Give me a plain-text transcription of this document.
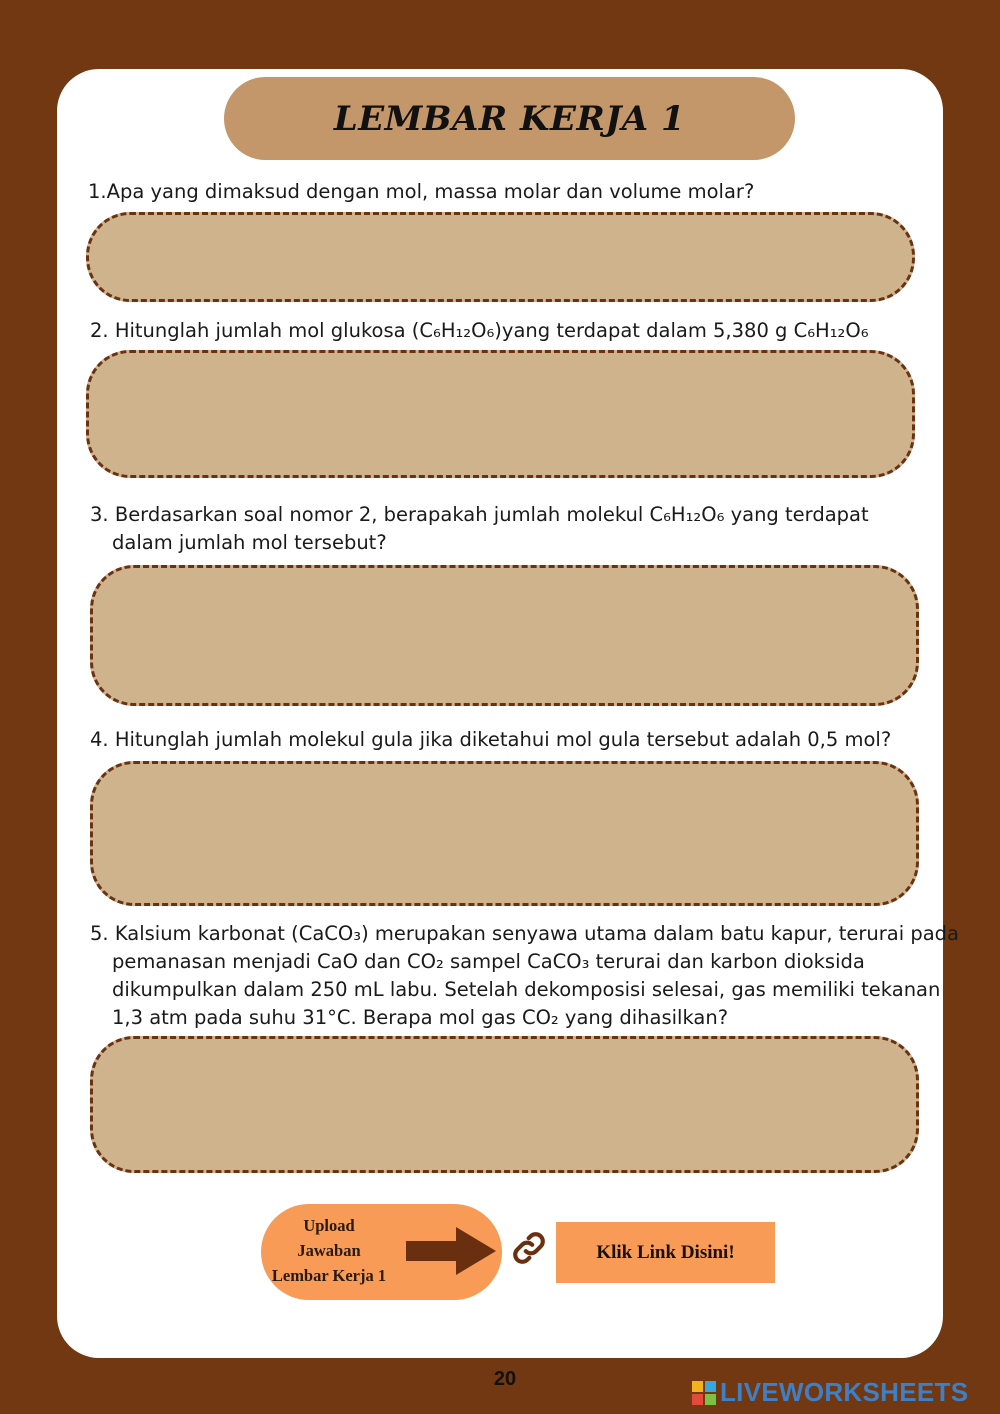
LEMBAR KERJA 1
1.Apa yang dimaksud dengan mol, massa molar dan volume molar?
2. Hitunglah jumlah mol glukosa (C₆H₁₂O₆)yang terdapat dalam 5,380 g C₆H₁₂O₆
3. Berdasarkan soal nomor 2, berapakah jumlah molekul C₆H₁₂O₆ yang terdapat
dalam jumlah mol tersebut?
4. Hitunglah jumlah molekul gula jika diketahui mol gula tersebut adalah 0,5 mol?
5. Kalsium karbonat (CaCO₃) merupakan senyawa utama dalam batu kapur, terurai pada
pemanasan menjadi CaO dan CO₂ sampel CaCO₃ terurai dan karbon dioksida
dikumpulkan dalam 250 mL labu. Setelah dekomposisi selesai, gas memiliki tekanan
1,3 atm pada suhu 31°C. Berapa mol gas CO₂ yang dihasilkan?
Upload
Jawaban
Lembar Kerja 1
Klik Link Disini!
20	LIVEWORKSHEETS
